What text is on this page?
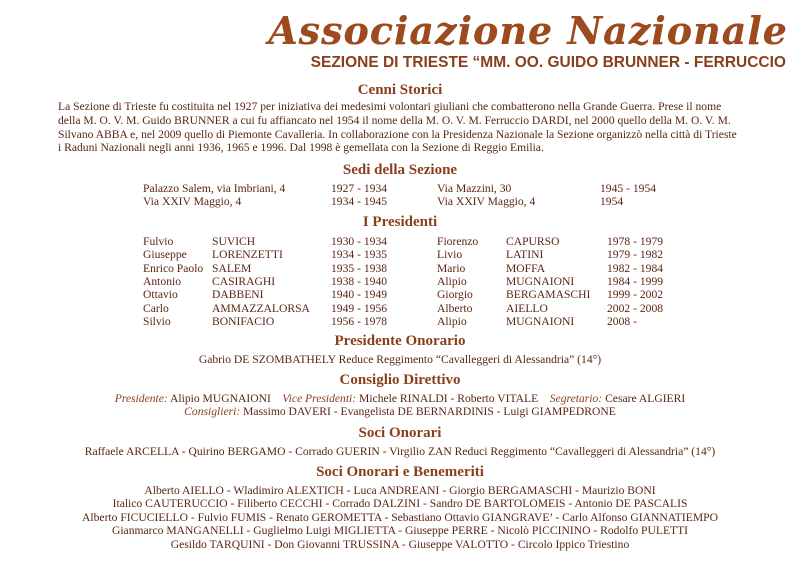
Associazione Nazionale
SEZIONE DI TRIESTE “MM. OO. GUIDO BRUNNER - FERRUCCIO
Cenni Storici
La Sezione di Trieste fu costituita nel 1927 per iniziativa dei medesimi volontari giuliani che combatterono nella Grande Guerra. Prese il nome
della M. O. V. M. Guido BRUNNER a cui fu affiancato nel 1954 il nome della M. O. V. M. Ferruccio DARDI, nel 2000 quello della M. O. V. M.
Silvano ABBA e, nel 2009 quello di Piemonte Cavalleria. In collaborazione con la Presidenza Nazionale la Sezione organizzò nella città di Trieste
i Raduni Nazionali negli anni 1936, 1965 e 1996. Dal 1998 è gemellata con la Sezione di Reggio Emilia.
Sedi della Sezione
Palazzo Salem, via Imbriani, 4	1927 - 1934	Via Mazzini, 30	1945 - 1954
Via XXIV Maggio, 4	1934 - 1945	Via XXIV Maggio, 4	1954
I Presidenti
Fulvio	SUVICH	1930 - 1934	Fiorenzo CAPURSO	1978 - 1979
Giuseppe LORENZETTI	1934 - 1935	Livio	LATINI	1979 - 1982
Enrico Paolo SALEM	1935 - 1938	Mario	MOFFA	1982 - 1984
Antonio	CASIRAGHI	1938 - 1940	Alipio	MUGNAIONI	1984 - 1999
Ottavio	DABBENI	1940 - 1949	Giorgio	BERGAMASCHI 1999 - 2002
Carlo	AMMAZZALORSA 1949 - 1956	Alberto	AIELLO	2002 - 2008
Silvio	BONIFACIO	1956 - 1978	Alipio	MUGNAIONI	2008 -
Presidente Onorario
Gabrio DE SZOMBATHELY Reduce Reggimento “Cavalleggeri di Alessandria” (14°)
Consiglio Direttivo
Presidente: Alipio MUGNAIONI Vice Presidenti: Michele RINALDI - Roberto VITALE Segretario: Cesare ALGIERI
Consiglieri: Massimo DAVERI - Evangelista DE BERNARDINIS - Luigi GIAMPEDRONE
Soci Onorari
Raffaele ARCELLA - Quirino BERGAMO - Corrado GUERIN - Virgilio ZAN Reduci Reggimento “Cavalleggeri di Alessandria” (14°)
Soci Onorari e Benemeriti
Alberto AIELLO - Wladimiro ALEXTICH - Luca ANDREANI - Giorgio BERGAMASCHI - Maurizio BONI
Italico CAUTERUCCIO - Filiberto CECCHI - Corrado DALZINI - Sandro DE BARTOLOMEIS - Antonio DE PASCALIS
Alberto FICUCIELLO - Fulvio FUMIS - Renato GEROMETTA - Sebastiano Ottavio GIANGRAVE’ - Carlo Alfonso GIANNATIEMPO
Gianmarco MANGANELLI - Guglielmo Luigi MIGLIETTA - Giuseppe PERRE - Nicolò PICCININO - Rodolfo PULETTI
Gesildo TARQUINI - Don Giovanni TRUSSINA - Giuseppe VALOTTO - Circolo Ippico Triestino
